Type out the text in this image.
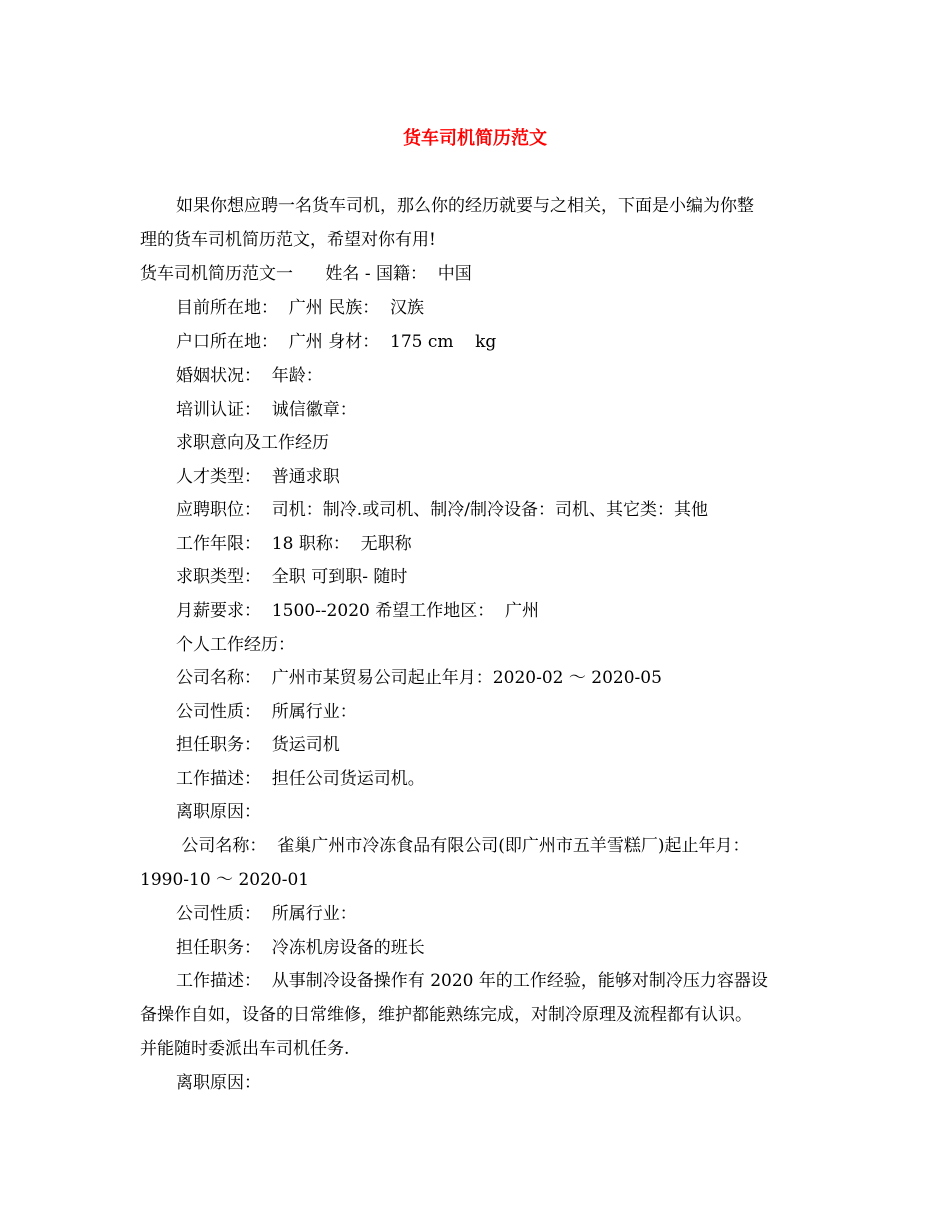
货车司机简历范文
如果你想应聘一名货车司机，那么你的经历就要与之相关，下面是小编为你整
理的货车司机简历范文，希望对你有用!
货车司机简历范文一      姓名 - 国籍：  中国
目前所在地：  广州 民族：  汉族
户口所在地：  广州 身材：  175 cm    kg
婚姻状况：  年龄：
培训认证：  诚信徽章：
求职意向及工作经历
人才类型：  普通求职
应聘职位：  司机：制冷.或司机、制冷/制冷设备：司机、其它类：其他
工作年限：  18 职称：  无职称
求职类型：  全职 可到职- 随时
月薪要求：  1500--2020 希望工作地区：  广州
个人工作经历：
公司名称：  广州市某贸易公司起止年月：2020-02 ～ 2020-05
公司性质：  所属行业：
担任职务：  货运司机
工作描述：  担任公司货运司机。
离职原因：
公司名称：  雀巢广州市冷冻食品有限公司(即广州市五羊雪糕厂)起止年月：
1990-10 ～ 2020-01
公司性质：  所属行业：
担任职务：  冷冻机房设备的班长
工作描述：  从事制冷设备操作有 2020 年的工作经验，能够对制冷压力容器设
备操作自如，设备的日常维修，维护都能熟练完成，对制冷原理及流程都有认识。
并能随时委派出车司机任务.
离职原因：
